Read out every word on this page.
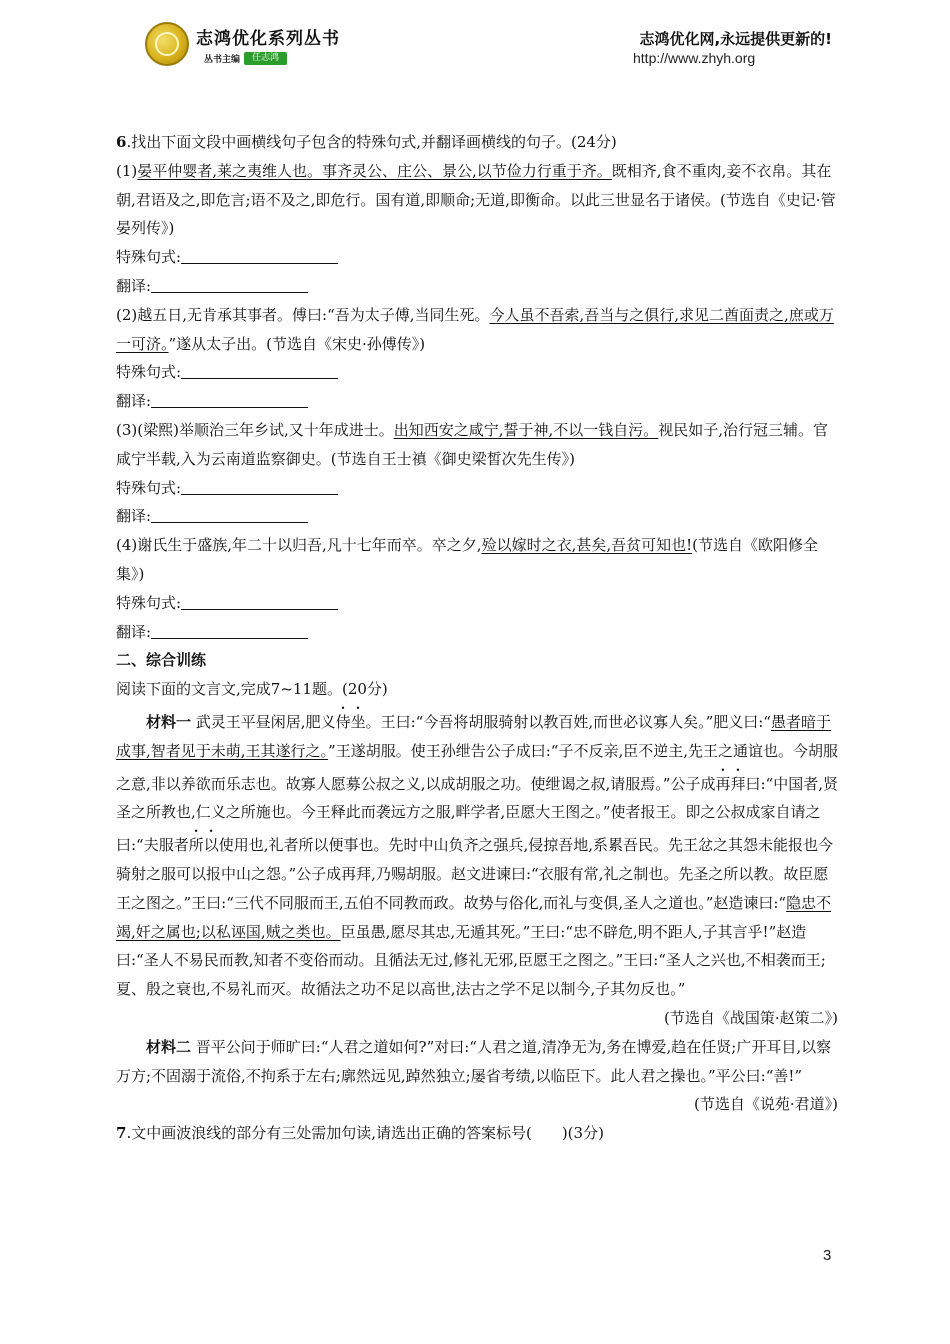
志鸿优化系列丛书
丛书主编 任志鸿
志鸿优化网,永远提供更新的!
http://www.zhyh.org

6.找出下面文段中画横线句子包含的特殊句式,并翻译画横线的句子。(24分)

(1)晏平仲婴者,莱之夷维人也。事齐灵公、庄公、景公,以节俭力行重于齐。既相齐,食不重肉,妾不衣帛。其在朝,君语及之,即危言;语不及之,即危行。国有道,即顺命;无道,即衡命。以此三世显名于诸侯。(节选自《史记·管晏列传》)

特殊句式:

翻译:

(2)越五日,无肯承其事者。傅曰:“吾为太子傅,当同生死。今人虽不吾索,吾当与之俱行,求见二酋面责之,庶或万一可济。”遂从太子出。(节选自《宋史·孙傅传》)

特殊句式:

翻译:

(3)(梁熙)举顺治三年乡试,又十年成进士。出知西安之咸宁,誓于神,不以一钱自污。视民如子,治行冠三辅。官咸宁半载,入为云南道监察御史。(节选自王士禛《御史梁皙次先生传》)

特殊句式:

翻译:

(4)谢氏生于盛族,年二十以归吾,凡十七年而卒。卒之夕,殓以嫁时之衣,甚矣,吾贫可知也!(节选自《欧阳修全集》)

特殊句式:

翻译:

二、综合训练

阅读下面的文言文,完成7~11题。(20分)

材料一 武灵王平昼闲居,肥义侍坐。王曰:“今吾将胡服骑射以教百姓,而世必议寡人矣。”肥义曰:“愚者暗于成事,智者见于未萌,王其遂行之。”王遂胡服。使王孙绁告公子成曰:“子不反亲,臣不逆主,先王之通谊也。今胡服之意,非以养欲而乐志也。故寡人愿募公叔之义,以成胡服之功。使绁谒之叔,请服焉。”公子成再拜曰:“中国者,贤圣之所教也,仁义之所施也。今王释此而袭远方之服,畔学者,臣愿大王图之。”使者报王。即之公叔成家自请之曰:“夫服者所以使用也,礼者所以便事也。先时中山负齐之强兵,侵掠吾地,系累吾民。先王忿之其怨未能报也今骑射之服可以报中山之怨。”公子成再拜,乃赐胡服。赵文进谏曰:“衣服有常,礼之制也。先圣之所以教。故臣愿王之图之。”王曰:“三代不同服而王,五伯不同教而政。故势与俗化,而礼与变俱,圣人之道也。”赵造谏曰:“隐忠不竭,奸之属也;以私诬国,贼之类也。臣虽愚,愿尽其忠,无遁其死。”王曰:“忠不辟危,明不距人,子其言乎!”赵造曰:“圣人不易民而教,知者不变俗而动。且循法无过,修礼无邪,臣愿王之图之。”王曰:“圣人之兴也,不相袭而王;夏、殷之衰也,不易礼而灭。故循法之功不足以高世,法古之学不足以制今,子其勿反也。”

(节选自《战国策·赵策二》)

材料二 晋平公问于师旷曰:“人君之道如何?”对曰:“人君之道,清净无为,务在博爱,趋在任贤;广开耳目,以察万方;不固溺于流俗,不拘系于左右;廓然远见,踔然独立;屡省考绩,以临臣下。此人君之操也。”平公曰:“善!”

(节选自《说苑·君道》)

7.文中画波浪线的部分有三处需加句读,请选出正确的答案标号(　　)(3分)

3
